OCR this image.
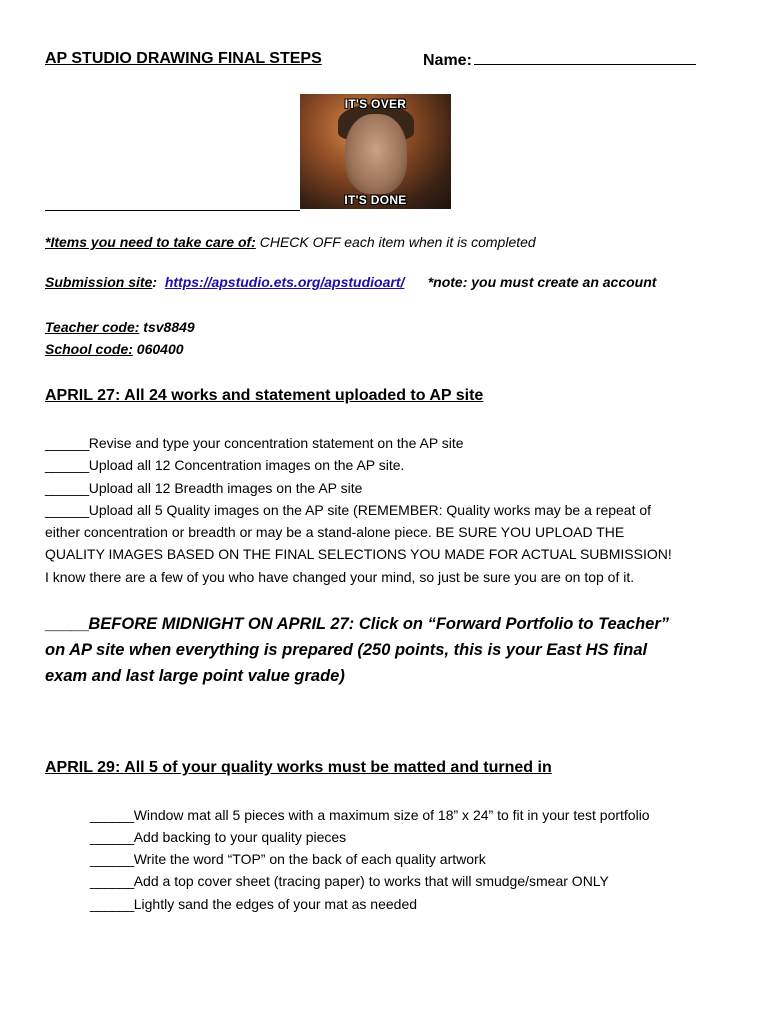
AP STUDIO DRAWING FINAL STEPS	Name:
IT'S OVER
IT'S DONE
*Items you need to take care of: CHECK OFF each item when it is completed
Submission site:  https://apstudio.ets.org/apstudioart/ *note: you must create an account
Teacher code: tsv8849
School code: 060400
APRIL 27: All 24 works and statement uploaded to AP site
______Revise and type your concentration statement on the AP site
______Upload all 12 Concentration images on the AP site.
______Upload all 12 Breadth images on the AP site
______Upload all 5 Quality images on the AP site (REMEMBER: Quality works may be a repeat of
either concentration or breadth or may be a stand-alone piece. BE SURE YOU UPLOAD THE
QUALITY IMAGES BASED ON THE FINAL SELECTIONS YOU MADE FOR ACTUAL SUBMISSION!
I know there are a few of you who have changed your mind, so just be sure you are on top of it.
_____BEFORE MIDNIGHT ON APRIL 27: Click on “Forward Portfolio to Teacher”
on AP site when everything is prepared (250 points, this is your East HS final
exam and last large point value grade)
APRIL 29: All 5 of your quality works must be matted and turned in
______Window mat all 5 pieces with a maximum size of 18” x 24” to fit in your test portfolio
______Add backing to your quality pieces
______Write the word “TOP” on the back of each quality artwork
______Add a top cover sheet (tracing paper) to works that will smudge/smear ONLY
______Lightly sand the edges of your mat as needed
